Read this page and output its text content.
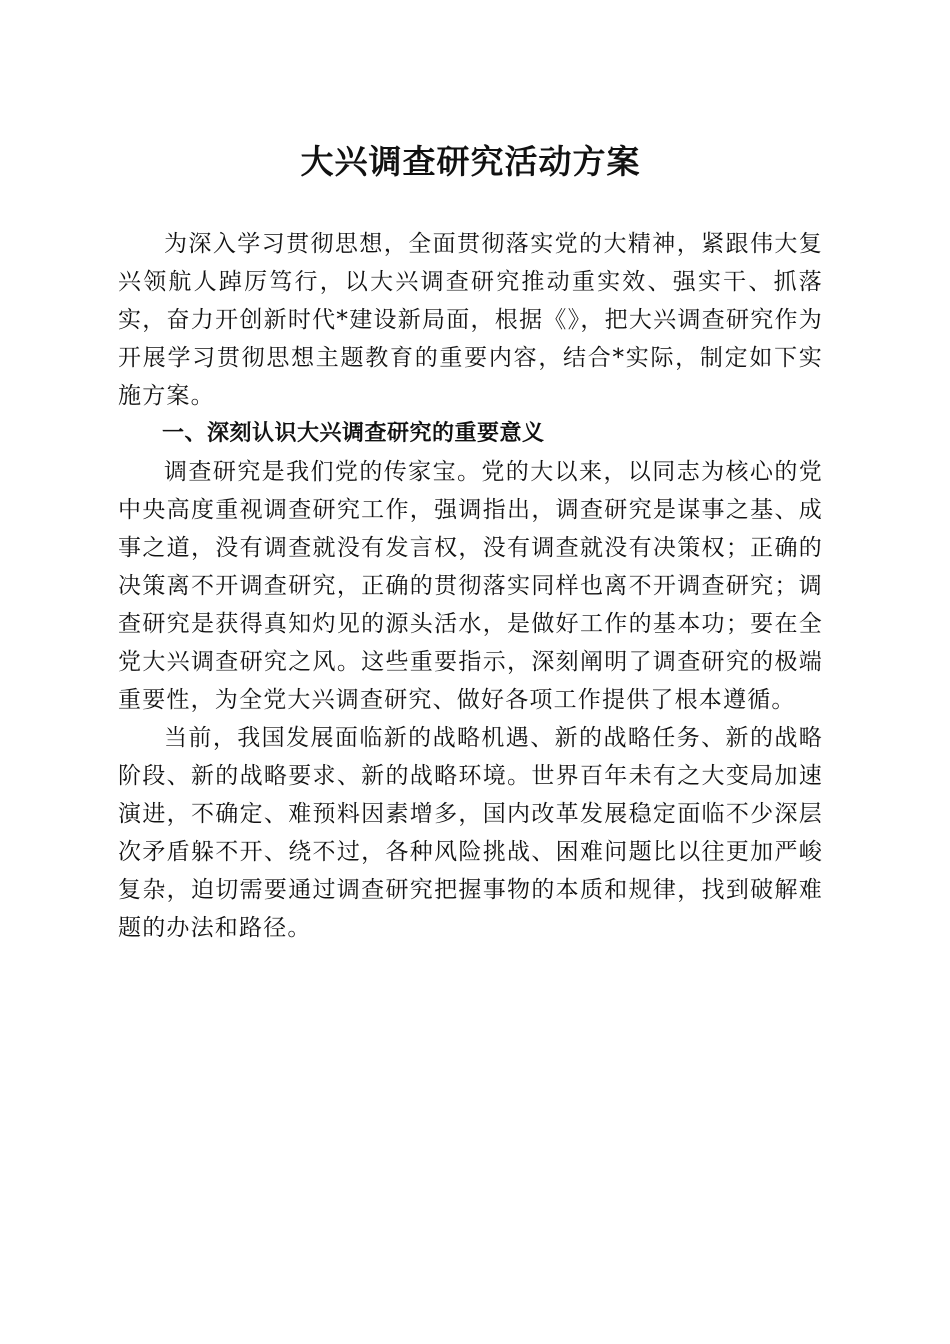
大兴调查研究活动方案

为深入学习贯彻思想，全面贯彻落实党的大精神，紧跟伟大复兴领航人踔厉笃行，以大兴调查研究推动重实效、强实干、抓落实，奋力开创新时代*建设新局面，根据《》，把大兴调查研究作为开展学习贯彻思想主题教育的重要内容，结合*实际，制定如下实施方案。

一、深刻认识大兴调查研究的重要意义

调查研究是我们党的传家宝。党的大以来，以同志为核心的党中央高度重视调查研究工作，强调指出，调查研究是谋事之基、成事之道，没有调查就没有发言权，没有调查就没有决策权；正确的决策离不开调查研究，正确的贯彻落实同样也离不开调查研究；调查研究是获得真知灼见的源头活水，是做好工作的基本功；要在全党大兴调查研究之风。这些重要指示，深刻阐明了调查研究的极端重要性，为全党大兴调查研究、做好各项工作提供了根本遵循。

当前，我国发展面临新的战略机遇、新的战略任务、新的战略阶段、新的战略要求、新的战略环境。世界百年未有之大变局加速演进，不确定、难预料因素增多，国内改革发展稳定面临不少深层次矛盾躲不开、绕不过，各种风险挑战、困难问题比以往更加严峻复杂，迫切需要通过调查研究把握事物的本质和规律，找到破解难题的办法和路径。
